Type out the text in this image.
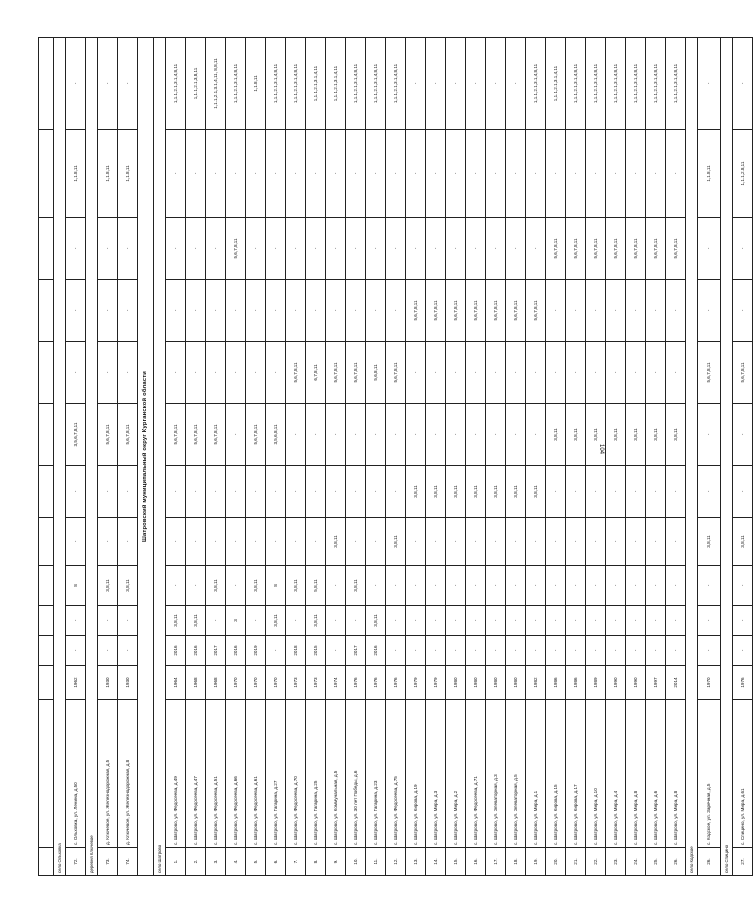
104

село Ольховка													
72.	с. Ольховка, ул. Ленина, д.50	1962	-	-	8	-	-	3,5,6,7,8,11	-	-	-	1,1.8,11	-
деревня Ключевое													
73.	д. Ключевое, ул. Железнодорожная, д.5	1930	-	-	3,8,11	-	-	5,6,7,8,11	-	-	-	1,1.8,11	-
74.	д. Ключевое, ул. Железнодорожная, д.8	1930	-	-	3,8,11	-	-	5,6,7,8,11	-	-	-	1,1.8,11	-
Шатровский муниципальный округ Курганской области													
село Шатрово													
1.	с. Шатрово, ул. Федосеева, д.49	1964	2016	3,8,11	-	-	-	5,6,7,8,11	-	-	-	-	1,1.1,2.1,3.1,4,8,11
2.	с. Шатрово, ул. Федосеева, д.47	1968	2016	3,8,11	-	-	-	5,6,7,8,11	-	-	-	-	1,1.1,2.1,3,8,11
3.	с. Шатрово, ул. Федосеева, д.51	1968	2017	-	3,8,11	-	-	5,6,7,8,11	-	-	-	-	1,1.1,2.1,3.1,4,11, 8,8,11
4.	с. Шатрово, ул. Федосеева, д.66	1970	2016	3	-	-	-	-	-	-	5,6,7,8,11	-	1,1.1,2.1,3.1,4,8,11
5.	с. Шатрово, ул. Федосеева, д.61	1970	2019	-	3,8,11	-	-	5,6,7,8,11	-	-	-	-	1,1.8,11
6.	с. Шатрово, ул. Гагарина, д.27	1970	-	3,8,11	8	-	-	3,5,6,8,11	-	-	-	-	1,1.1,2.1,3.1,4,8,11
7.	с. Шатрово, ул. Федосеева, д.70	1973	2018	-	3,8,11	-	-	-	5,6,7,8,11	-	-	-	1,1.1,2.1,3.1,4,8,11
8.	с. Шатрово, ул. Гагарина, д.25	1973	2015	3,8,11	5,8,11	-	-	-	6,7,8,11	-	-	-	1,1.1,2.1,3.1,4,11
9.	с. Шатрово, ул. Коммунальная, д.5	1974	-	-	-	3,8,11	-	-	5,6,7,8,11	-	-	-	1,1.1,2.1,3.1,4,11
10.	с. Шатрово, ул. 30 лет Победы, д.6	1976	2017	-	3,8,11	-	-	-	5,6,7,8,11	-	-	-	1,1.1,2.1,3.1,4,8,11
11.	с. Шатрово, ул. Гагарина, д.23	1976	2016	3,8,11	-	-	-	-	5,6,8,11	-	-	-	1,1.1,2.1,3.1,4,8,11
12.	с. Шатрово, ул. Федосеева, д.75	1976	-	-	-	3,8,11	-	-	5,6,7,8,11	-	-	-	1,1.1,2.1,3.1,4,8,11
13.	с. Шатрово, ул. Кирова, д.19	1979	-	-	-	-	3,8,11	-	-	5,6,7,8,11	-	-	-
14.	с. Шатрово, ул. Мира, д.3	1979	-	-	-	-	3,8,11	-	-	5,6,7,8,11	-	-	-
15.	с. Шатрово, ул. Мира, д.2	1980	-	-	-	-	3,8,11	-	-	5,6,7,8,11	-	-	-
16.	с. Шатрово, ул. Федосеева, д.71	1980	-	-	-	-	3,8,11	-	-	5,6,7,8,11	-	-	-
17.	с. Шатрово, ул. Элеваторная, д.3	1980	-	-	-	-	3,8,11	-	-	5,6,7,8,11	-	-	-
18.	с. Шатрово, ул. Элеваторная, д.5	1980	-	-	-	-	3,8,11	-	-	5,6,7,8,11	-	-	-
19.	с. Шатрово, ул. Мира, д.1	1982	-	-	-	-	3,8,11	-	-	5,6,7,8,11	-	-	1,1.1,2.1,3.1,4,8,11
20.	с. Шатрово, ул. Кирова, д.15	1986	-	-	-	-	-	3,8,11	-	-	5,6,7,8,11	-	1,1.1,2.1,3.1,4,11
21.	с. Шатрово, ул. Кирова, д.17	1986	-	-	-	-	-	3,8,11	-	-	5,6,7,8,11	-	1,1.1,2.1,3.1,4,8,11
22.	с. Шатрово, ул. Мира, д.10	1989	-	-	-	-	-	3,8,11	-	-	5,6,7,8,11	-	1,1.1,2.1,3.1,4,8,11
23.	с. Шатрово, ул. Мира, д.4	1990	-	-	-	-	-	3,8,11	-	-	5,6,7,8,11	-	1,1.1,2.1,3.1,4,8,11
24.	с. Шатрово, ул. Мира, д.8	1990	-	-	-	-	-	3,8,11	-	-	5,6,7,8,11	-	1,1.1,2.1,3.1,4,8,11
25.	с. Шатрово, ул. Мира, д.6	1997	-	-	-	-	-	3,8,11	-	-	5,6,7,8,11	-	1,1.1,2.1,3.1,4,8,11
26.	с. Шатрово, ул. Мира, д.8	2014	-	-	-	-	-	3,8,11	-	-	5,6,7,8,11	-	1,1.1,2.1,3.1,4,8,11
село Кодское													
26.	с. Кодское, ул. Заречная, д.5	1970	-	-	-	3,8,11	-	-	5,6,7,8,11	-	-	1,1.8,11	-
село Спицино													
27.	с. Спицино, ул. Мира, д.61	1976	-	-	-	3,8,11	-	-	5,6,7,8,11	-	-	1,1.1,2.8,11	-
